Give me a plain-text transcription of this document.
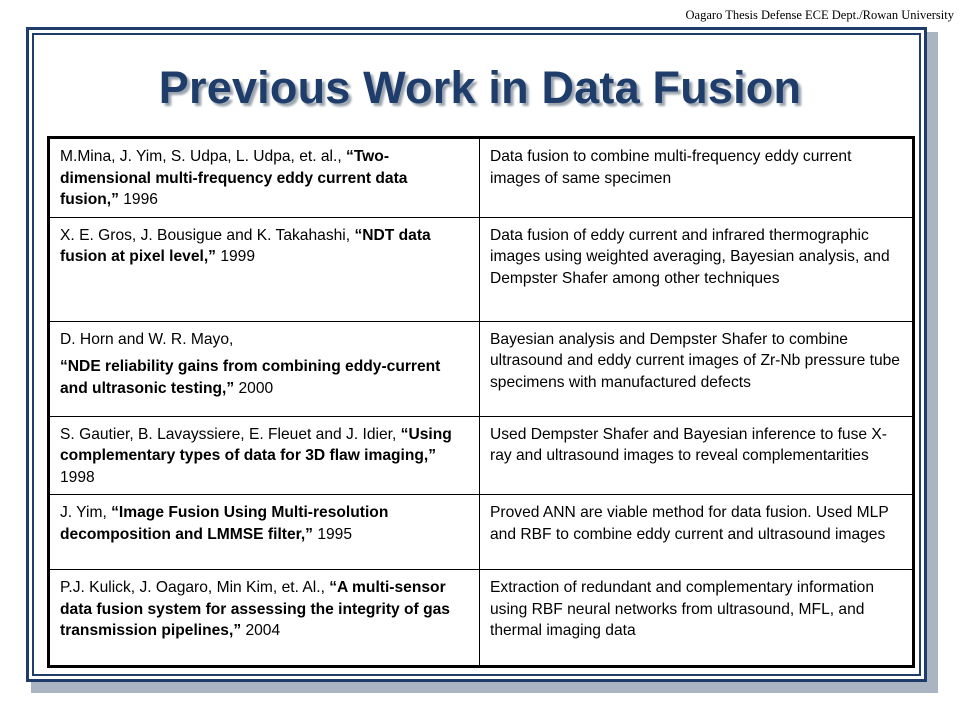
Oagaro Thesis Defense ECE Dept./Rowan University
Previous Work in Data Fusion
M.Mina, J. Yim, S. Udpa, L. Udpa, et. al., “Two-dimensional multi-frequency eddy current data fusion,” 1996	Data fusion to combine multi-frequency eddy current images of same specimen
X. E. Gros, J. Bousigue and K. Takahashi, “NDT data fusion at pixel level,” 1999	Data fusion of eddy current and infrared thermographic images using weighted averaging, Bayesian analysis, and Dempster Shafer among other techniques
D. Horn and W. R. Mayo,
“NDE reliability gains from combining eddy-current and ultrasonic testing,” 2000	Bayesian analysis and Dempster Shafer to combine ultrasound and eddy current images of Zr-Nb pressure tube specimens with manufactured defects
S. Gautier, B. Lavayssiere, E. Fleuet and J. Idier, “Using complementary types of data for 3D flaw imaging,” 1998	Used Dempster Shafer and Bayesian inference to fuse X-ray and ultrasound images to reveal complementarities
J. Yim, “Image Fusion Using Multi-resolution decomposition and LMMSE filter,” 1995	Proved ANN are viable method for data fusion. Used MLP and RBF to combine eddy current and ultrasound images
P.J. Kulick, J. Oagaro, Min Kim, et. Al., “A multi-sensor data fusion system for assessing the integrity of gas transmission pipelines,” 2004	Extraction of redundant and complementary information using RBF neural networks from ultrasound, MFL, and thermal imaging data
